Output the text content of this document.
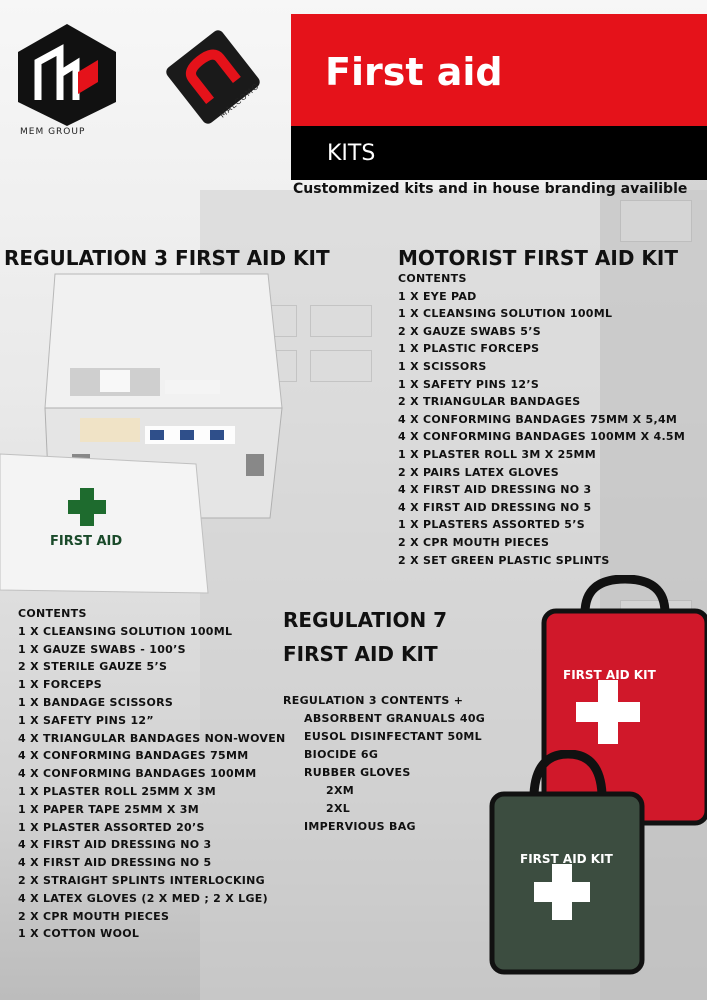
MEM GROUP
MALCOMO
First aid
KITS
Custommized kits and in house branding availible
REGULATION 3 FIRST AID KIT	MOTORIST FIRST AID KIT
FIRST AID
CONTENTS
1 X EYE PAD
1 X CLEANSING SOLUTION 100ML
2 X GAUZE SWABS 5’S
1 X PLASTIC FORCEPS
1 X SCISSORS
1 X SAFETY PINS 12’S
2 X TRIANGULAR BANDAGES
4 X CONFORMING BANDAGES 75MM X 5,4M
4 X CONFORMING BANDAGES 100MM X 4.5M
1 X PLASTER ROLL 3M X 25MM
2 X PAIRS LATEX GLOVES
4 X FIRST AID DRESSING NO 3
4 X FIRST AID DRESSING NO 5
1 X PLASTERS ASSORTED 5’S
2 X CPR MOUTH PIECES
2 X SET GREEN PLASTIC SPLINTS
CONTENTS
1 X CLEANSING SOLUTION 100ML
1 X GAUZE SWABS - 100’S
2 X STERILE GAUZE 5’S
1 X FORCEPS
1 X BANDAGE SCISSORS
1 X SAFETY PINS 12”
4 X TRIANGULAR BANDAGES NON-WOVEN
4 X CONFORMING BANDAGES 75MM
4 X CONFORMING BANDAGES 100MM
1 X PLASTER ROLL 25MM X 3M
1 X PAPER TAPE 25MM X 3M
1 X PLASTER ASSORTED 20’S
4 X FIRST AID DRESSING NO 3
4 X FIRST AID DRESSING NO 5
2 X STRAIGHT SPLINTS INTERLOCKING
4 X LATEX GLOVES (2 X MED ; 2 X LGE)
2 X CPR MOUTH PIECES
1 X COTTON WOOL
REGULATION 7
FIRST AID KIT
REGULATION 3 CONTENTS +
ABSORBENT GRANUALS 40G
EUSOL DISINFECTANT 50ML
BIOCIDE 6G
RUBBER GLOVES
2XM
2XL
IMPERVIOUS BAG
FIRST AID KIT
FIRST AID KIT
